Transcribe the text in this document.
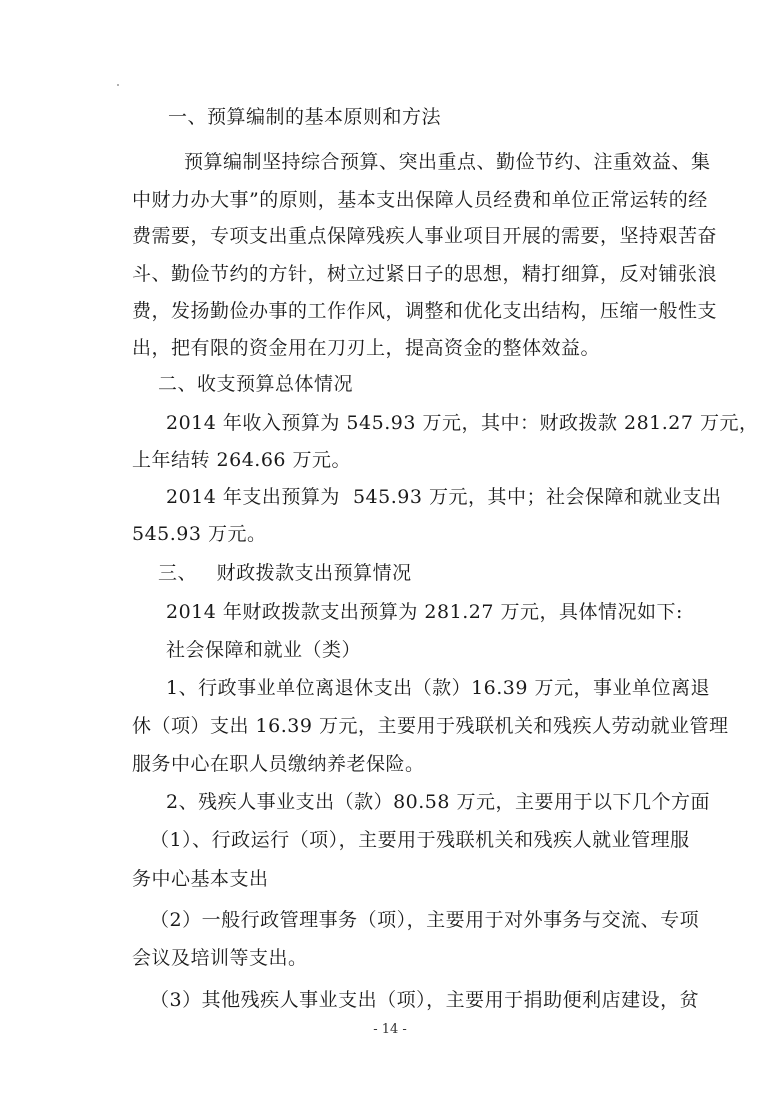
一、预算编制的基本原则和方法
预算编制坚持综合预算、突出重点、勤俭节约、注重效益、集
中财力办大事”的原则，基本支出保障人员经费和单位正常运转的经
费需要，专项支出重点保障残疾人事业项目开展的需要，坚持艰苦奋
斗、勤俭节约的方针，树立过紧日子的思想，精打细算，反对铺张浪
费，发扬勤俭办事的工作作风，调整和优化支出结构，压缩一般性支
出，把有限的资金用在刀刃上，提高资金的整体效益。
二、收支预算总体情况
2014 年收入预算为 545.93 万元，其中：财政拨款 281.27 万元，
上年结转 264.66 万元。
2014 年支出预算为  545.93 万元，其中；社会保障和就业支出
545.93 万元。
三、   财政拨款支出预算情况
2014 年财政拨款支出预算为 281.27 万元，具体情况如下:
社会保障和就业（类）
1、行政事业单位离退休支出（款）16.39 万元，事业单位离退
休（项）支出 16.39 万元，主要用于残联机关和残疾人劳动就业管理
服务中心在职人员缴纳养老保险。
2、残疾人事业支出（款）80.58 万元，主要用于以下几个方面
（1）、行政运行（项），主要用于残联机关和残疾人就业管理服
务中心基本支出
（2）一般行政管理事务（项），主要用于对外事务与交流、专项
会议及培训等支出。
（3）其他残疾人事业支出（项），主要用于捐助便利店建设，贫
- 14 -
